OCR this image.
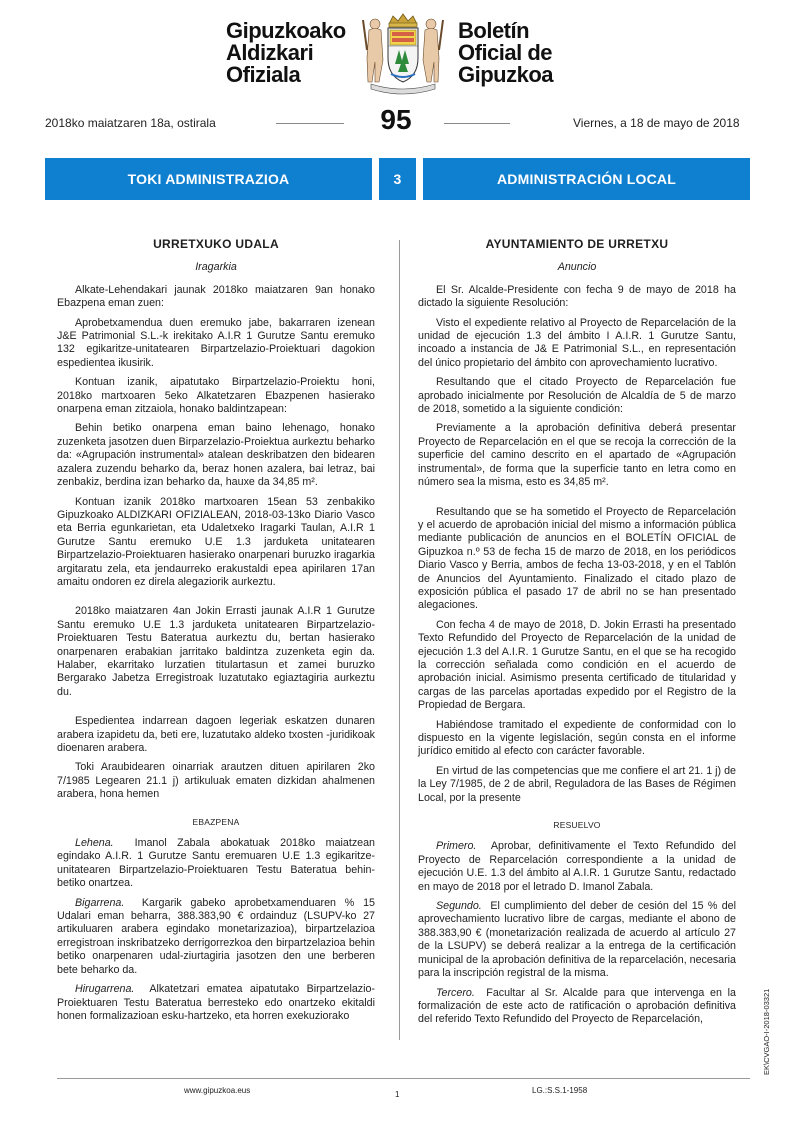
Gipuzkoako
Aldizkari
Ofiziala
Boletín
Oficial de
Gipuzkoa
2018ko maiatzaren 18a, ostirala	95	Viernes, a 18 de mayo de 2018
TOKI ADMINISTRAZIOA	3	ADMINISTRACIÓN LOCAL
URRETXUKO UDALA
Iragarkia

Alkate-Lehendakari jaunak 2018ko maiatzaren 9an honako Ebazpena eman zuen:

Aprobetxamendua duen eremuko jabe, bakarraren izenean J&E Patrimonial S.L.-k irekitako A.I.R 1 Gurutze Santu eremuko 132 egikaritze-unitatearen Birpartzelazio-Proiektuari dagokion espedientea ikusirik.

Kontuan izanik, aipatutako Birpartzelazio-Proiektu honi, 2018ko martxoaren 5eko Alkatetzaren Ebazpenen hasierako onarpena eman zitzaiola, honako baldintzapean:

Behin betiko onarpena eman baino lehenago, honako zuzenketa jasotzen duen Birparzelazio-Proiektua aurkeztu beharko da: «Agrupación instrumental» atalean deskribatzen den bidearen azalera zuzendu beharko da, beraz honen azalera, bai letraz, bai zenbakiz, berdina izan beharko da, hauxe da 34,85 m².

Kontuan izanik 2018ko martxoaren 15ean 53 zenbakiko Gipuzkoako ALDIZKARI OFIZIALEAN, 2018-03-13ko Diario Vasco eta Berria egunkarietan, eta Udaletxeko Iragarki Taulan, A.I.R 1 Gurutze Santu eremuko U.E 1.3 jarduketa unitatearen Birpartzelazio-Proiektuaren hasierako onarpenari buruzko iragarkia argitaratu zela, eta jendaurreko erakustaldi epea apirilaren 17an amaitu ondoren ez direla alegaziorik aurkeztu.

2018ko maiatzaren 4an Jokin Errasti jaunak A.I.R 1 Gurutze Santu eremuko U.E 1.3 jarduketa unitatearen Birpartzelazio-Proiektuaren Testu Bateratua aurkeztu du, bertan hasierako onarpenaren erabakian jarritako baldintza zuzenketa egin da. Halaber, ekarritako lurzatien titulartasun et zamei buruzko Bergarako Jabetza Erregistroak luzatutako egiaztagiria aurkeztu du.

Espedientea indarrean dagoen legeriak eskatzen dunaren arabera izapidetu da, beti ere, luzatutako aldeko txosten -juridikoak dioenaren arabera.

Toki Araubidearen oinarriak arautzen dituen apirilaren 2ko 7/1985 Legearen 21.1 j) artikuluak ematen dizkidan ahalmenen arabera, hona hemen

EBAZPENA

Lehena. Imanol Zabala abokatuak 2018ko maiatzean egindako A.I.R. 1 Gurutze Santu eremuaren U.E 1.3 egikaritze-unitatearen Birpartzelazio-Proiektuaren Testu Bateratua behin-betiko onartzea.

Bigarrena. Kargarik gabeko aprobetxamenduaren % 15 Udalari eman beharra, 388.383,90 € ordainduz (LSUPV-ko 27 artikuluaren arabera egindako monetarizazioa), birpartzelazioa erregistroan inskribatzeko derrigorrezkoa den birpartzelazioa behin betiko onarpenaren udal-ziurtagiria jasotzen den une berberen bete beharko da.

Hirugarrena. Alkatetzari ematea aipatutako Birpartzelazio-Proiektuaren Testu Bateratua berresteko edo onartzeko ekitaldi honen formalizazioan esku-hartzeko, eta horren exekuziorako

AYUNTAMIENTO DE URRETXU
Anuncio

El Sr. Alcalde-Presidente con fecha 9 de mayo de 2018 ha dictado la siguiente Resolución:

Visto el expediente relativo al Proyecto de Reparcelación de la unidad de ejecución 1.3 del ámbito I A.I.R. 1 Gurutze Santu, incoado a instancia de J& E Patrimonial S.L., en representación del único propietario del ámbito con aprovechamiento lucrativo.

Resultando que el citado Proyecto de Reparcelación fue aprobado inicialmente por Resolución de Alcaldía de 5 de marzo de 2018, sometido a la siguiente condición:

Previamente a la aprobación definitiva deberá presentar Proyecto de Reparcelación en el que se recoja la corrección de la superficie del camino descrito en el apartado de «Agrupación instrumental», de forma que la superficie tanto en letra como en número sea la misma, esto es 34,85 m².

Resultando que se ha sometido el Proyecto de Reparcelación y el acuerdo de aprobación inicial del mismo a información pública mediante publicación de anuncios en el BOLETÍN OFICIAL de Gipuzkoa n.º 53 de fecha 15 de marzo de 2018, en los periódicos Diario Vasco y Berria, ambos de fecha 13-03-2018, y en el Tablón de Anuncios del Ayuntamiento. Finalizado el citado plazo de exposición pública el pasado 17 de abril no se han presentado alegaciones.

Con fecha 4 de mayo de 2018, D. Jokin Errasti ha presentado Texto Refundido del Proyecto de Reparcelación de la unidad de ejecución 1.3 del A.I.R. 1 Gurutze Santu, en el que se ha recogido la corrección señalada como condición en el acuerdo de aprobación inicial. Asimismo presenta certificado de titularidad y cargas de las parcelas aportadas expedido por el Registro de la Propiedad de Bergara.

Habiéndose tramitado el expediente de conformidad con lo dispuesto en la vigente legislación, según consta en el informe jurídico emitido al efecto con carácter favorable.

En virtud de las competencias que me confiere el art 21. 1 j) de la Ley 7/1985, de 2 de abril, Reguladora de las Bases de Régimen Local, por la presente

RESUELVO

Primero. Aprobar, definitivamente el Texto Refundido del Proyecto de Reparcelación correspondiente a la unidad de ejecución U.E. 1.3 del ámbito al A.I.R. 1 Gurutze Santu, redactado en mayo de 2018 por el letrado D. Imanol Zabala.

Segundo. El cumplimiento del deber de cesión del 15 % del aprovechamiento lucrativo libre de cargas, mediante el abono de 388.383,90 € (monetarización realizada de acuerdo al artículo 27 de la LSUPV) se deberá realizar a la entrega de la certificación municipal de la aprobación definitiva de la reparcelación, necesaria para la inscripción registral de la misma.

Tercero. Facultar al Sr. Alcalde para que intervenga en la formalización de este acto de ratificación o aprobación definitiva del referido Texto Refundido del Proyecto de Reparcelación,

www.gipuzkoa.eus	1	LG.:S.S.1-1958
EK\CVGAO-I-2018-03321
